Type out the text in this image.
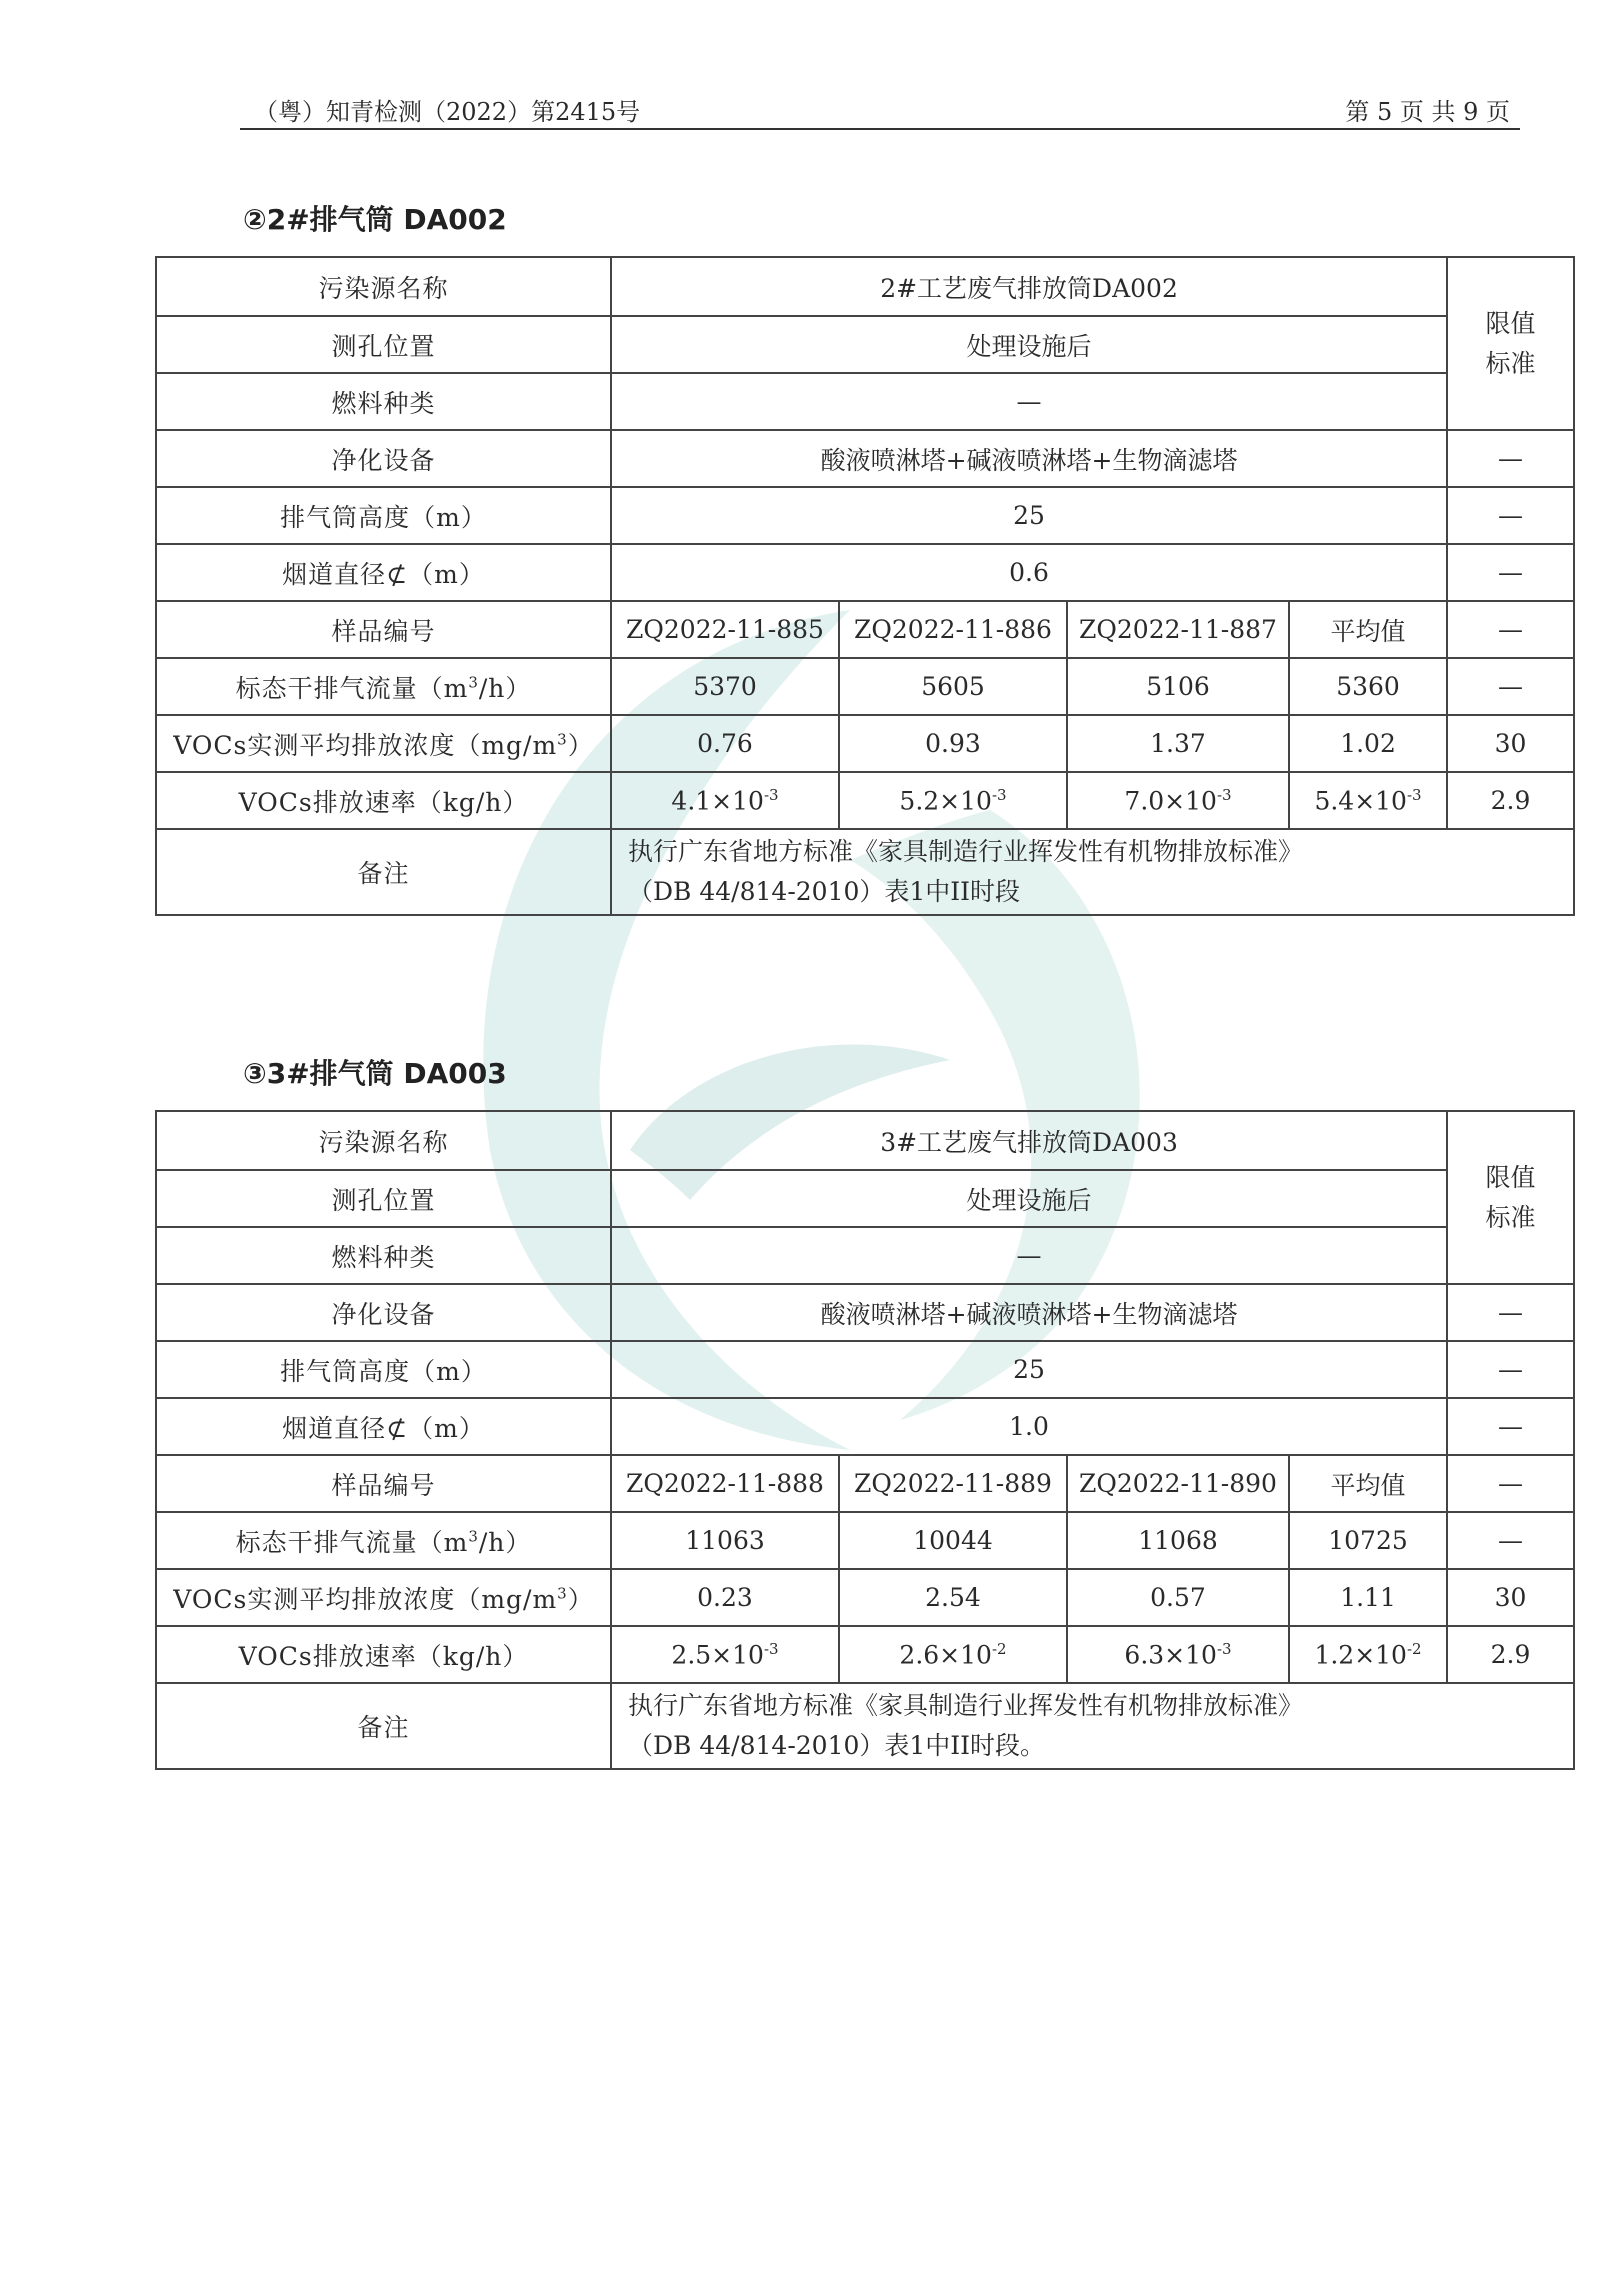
（粤）知青检测（2022）第2415号	第 5 页 共 9 页
②2#排气筒 DA002
污染源名称	2#工艺废气排放筒DA002				限值
标准

测孔位置	处理设施后				
燃料种类	—				
净化设备	酸液喷淋塔+碱液喷淋塔+生物滴滤塔				—
排气筒高度（m）	25				—
烟道直径⊄（m）	0.6				—
样品编号	ZQ2022-11-885	ZQ2022-11-886	ZQ2022-11-887	平均值	—
标态干排气流量$(m^3/h)$	5370	5605	5106	5360	—
VOCs实测平均排放浓度$(mg/m^3)$	0.76	0.93	1.37	1.02	30
VOCs排放速率（kg/h）	$4.1\times 10^{-3}$	$5.2\times 10^{-3}$	$7.0\times 10^{-3}$	$5.4\times 10^{-3}$	2.9
备注	执行广东省地方标准《家具制造行业挥发性有机物排放标准》
（DB 44/814-2010）表1中II时段				
③3#排气筒 DA003
污染源名称	3#工艺废气排放筒DA003				限值
标准

测孔位置	处理设施后				
燃料种类	—				
净化设备	酸液喷淋塔+碱液喷淋塔+生物滴滤塔				—
排气筒高度（m）	25				—
烟道直径⊄（m）	1.0				—
样品编号	ZQ2022-11-888	ZQ2022-11-889	ZQ2022-11-890	平均值	—
标态干排气流量$(m^3/h)$	11063	10044	11068	10725	—
VOCs实测平均排放浓度$(mg/m^3)$	0.23	2.54	0.57	1.11	30
VOCs排放速率（kg/h）	$2.5\times 10^{-3}$	$2.6\times 10^{-2}$	$6.3\times 10^{-3}$	$1.2\times 10^{-2}$	2.9
备注	执行广东省地方标准《家具制造行业挥发性有机物排放标准》
（DB 44/814-2010）表1中II时段。				
